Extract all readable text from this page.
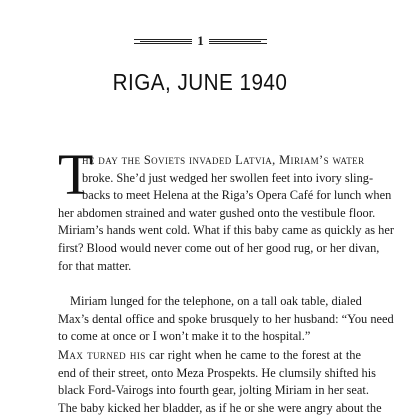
1
RIGA, JUNE 1940
T
he day the Soviets invaded Latvia, Miriam’s water
broke. She’d just wedged her swollen feet into ivory sling-
backs to meet Helena at the Riga’s Opera Café for lunch when
her abdomen strained and water gushed onto the vestibule floor.
Miriam’s hands went cold. What if this baby came as quickly as her
first? Blood would never come out of her good rug, or her divan,
for that matter.
Miriam lunged for the telephone, on a tall oak table, dialed
Max’s dental office and spoke brusquely to her husband: “You need
to come at once or I won’t make it to the hospital.”
Max turned his car right when he came to the forest at the
end of their street, onto Meza Prospekts. He clumsily shifted his
black Ford-Vairogs into fourth gear, jolting Miriam in her seat.
The baby kicked her bladder, as if he or she were angry about the
